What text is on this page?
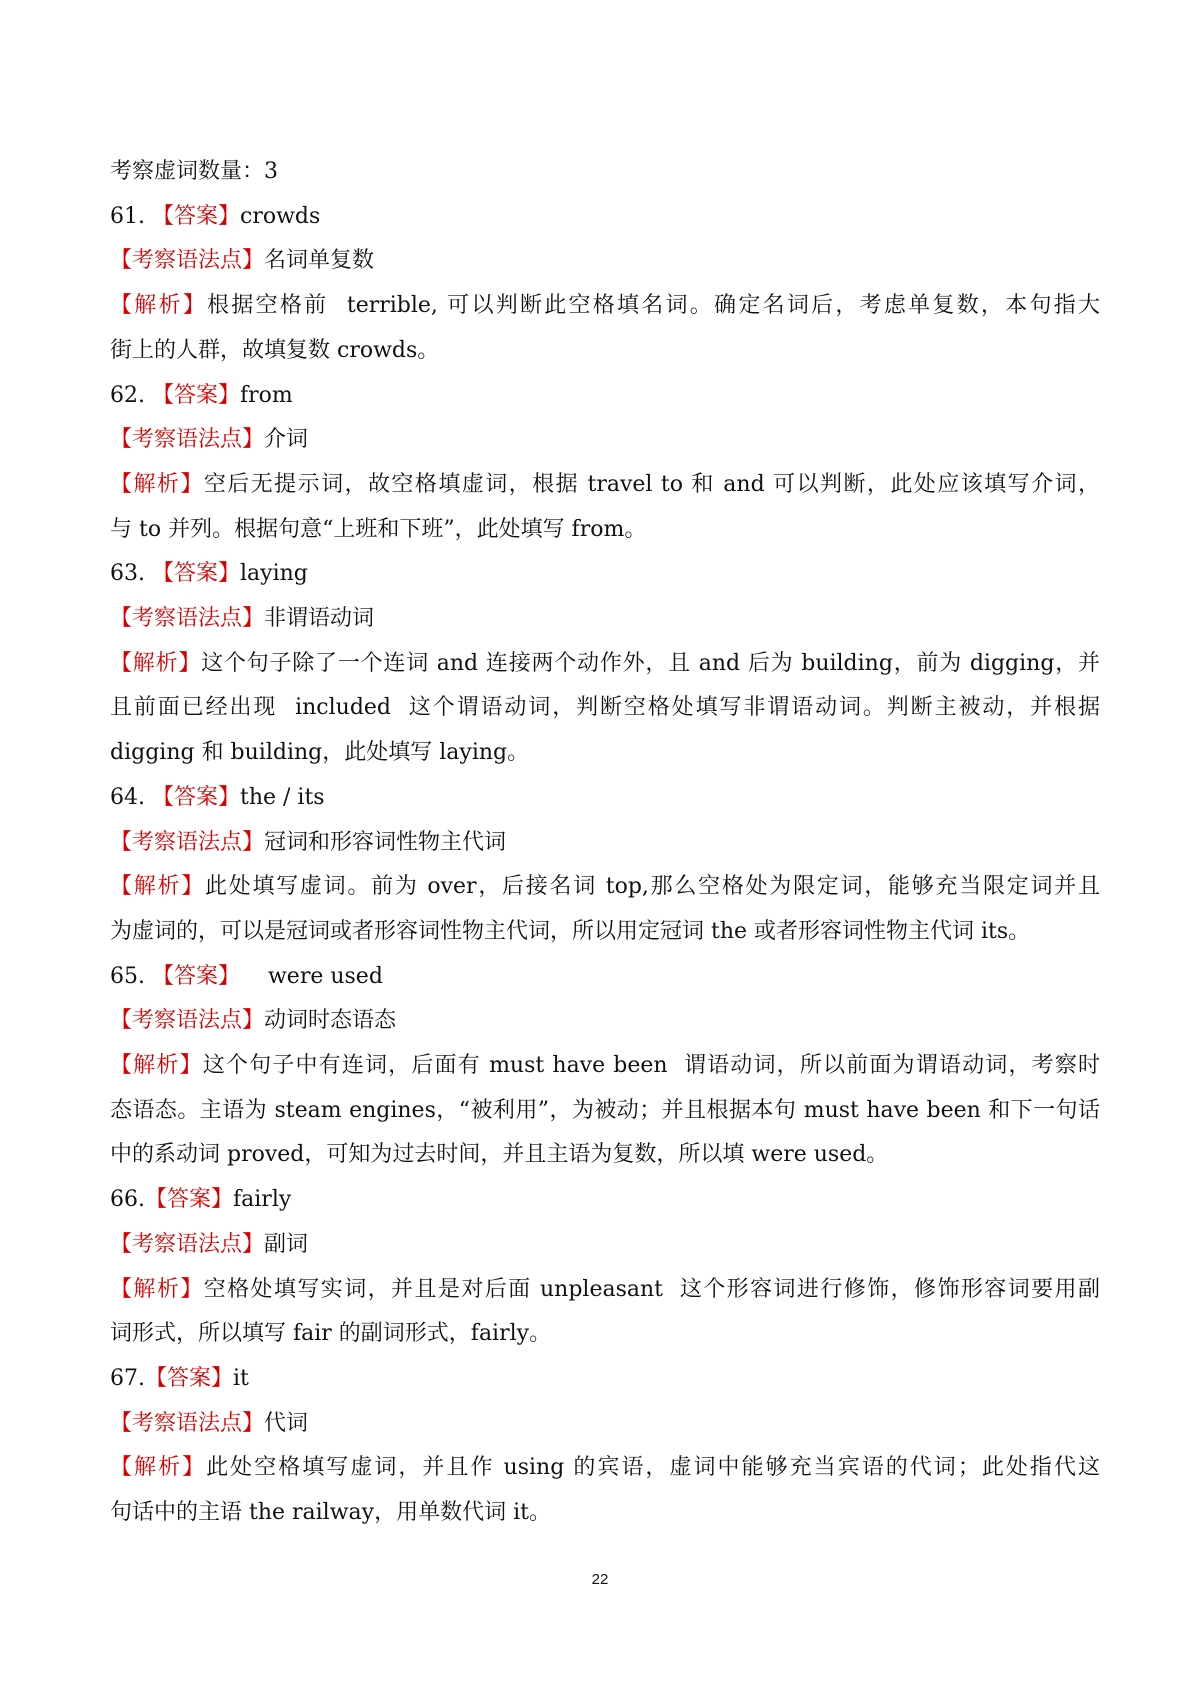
考察虚词数量：3

61. 【答案】crowds

【考察语法点】名词单复数

【解析】根据空格前  terrible, 可以判断此空格填名词。确定名词后，考虑单复数，本句指大

街上的人群，故填复数 crowds。

62. 【答案】from

【考察语法点】介词

【解析】空后无提示词，故空格填虚词，根据 travel to 和 and 可以判断，此处应该填写介词，

与 to 并列。根据句意“上班和下班”，此处填写 from。

63. 【答案】laying

【考察语法点】非谓语动词

【解析】这个句子除了一个连词 and 连接两个动作外，且 and 后为 building，前为 digging，并

且前面已经出现  included  这个谓语动词，判断空格处填写非谓语动词。判断主被动，并根据

digging 和 building，此处填写 laying。

64. 【答案】the / its

【考察语法点】冠词和形容词性物主代词

【解析】此处填写虚词。前为 over，后接名词 top,那么空格处为限定词，能够充当限定词并且

为虚词的，可以是冠词或者形容词性物主代词，所以用定冠词 the 或者形容词性物主代词 its。

65. 【答案】    were used

【考察语法点】动词时态语态

【解析】这个句子中有连词，后面有 must have been  谓语动词，所以前面为谓语动词，考察时

态语态。主语为 steam engines，“被利用”，为被动；并且根据本句 must have been 和下一句话

中的系动词 proved，可知为过去时间，并且主语为复数，所以填 were used。

66.【答案】fairly

【考察语法点】副词

【解析】空格处填写实词，并且是对后面 unpleasant  这个形容词进行修饰，修饰形容词要用副

词形式，所以填写 fair 的副词形式，fairly。

67.【答案】it

【考察语法点】代词

【解析】此处空格填写虚词，并且作 using 的宾语，虚词中能够充当宾语的代词；此处指代这

句话中的主语 the railway，用单数代词 it。

22
